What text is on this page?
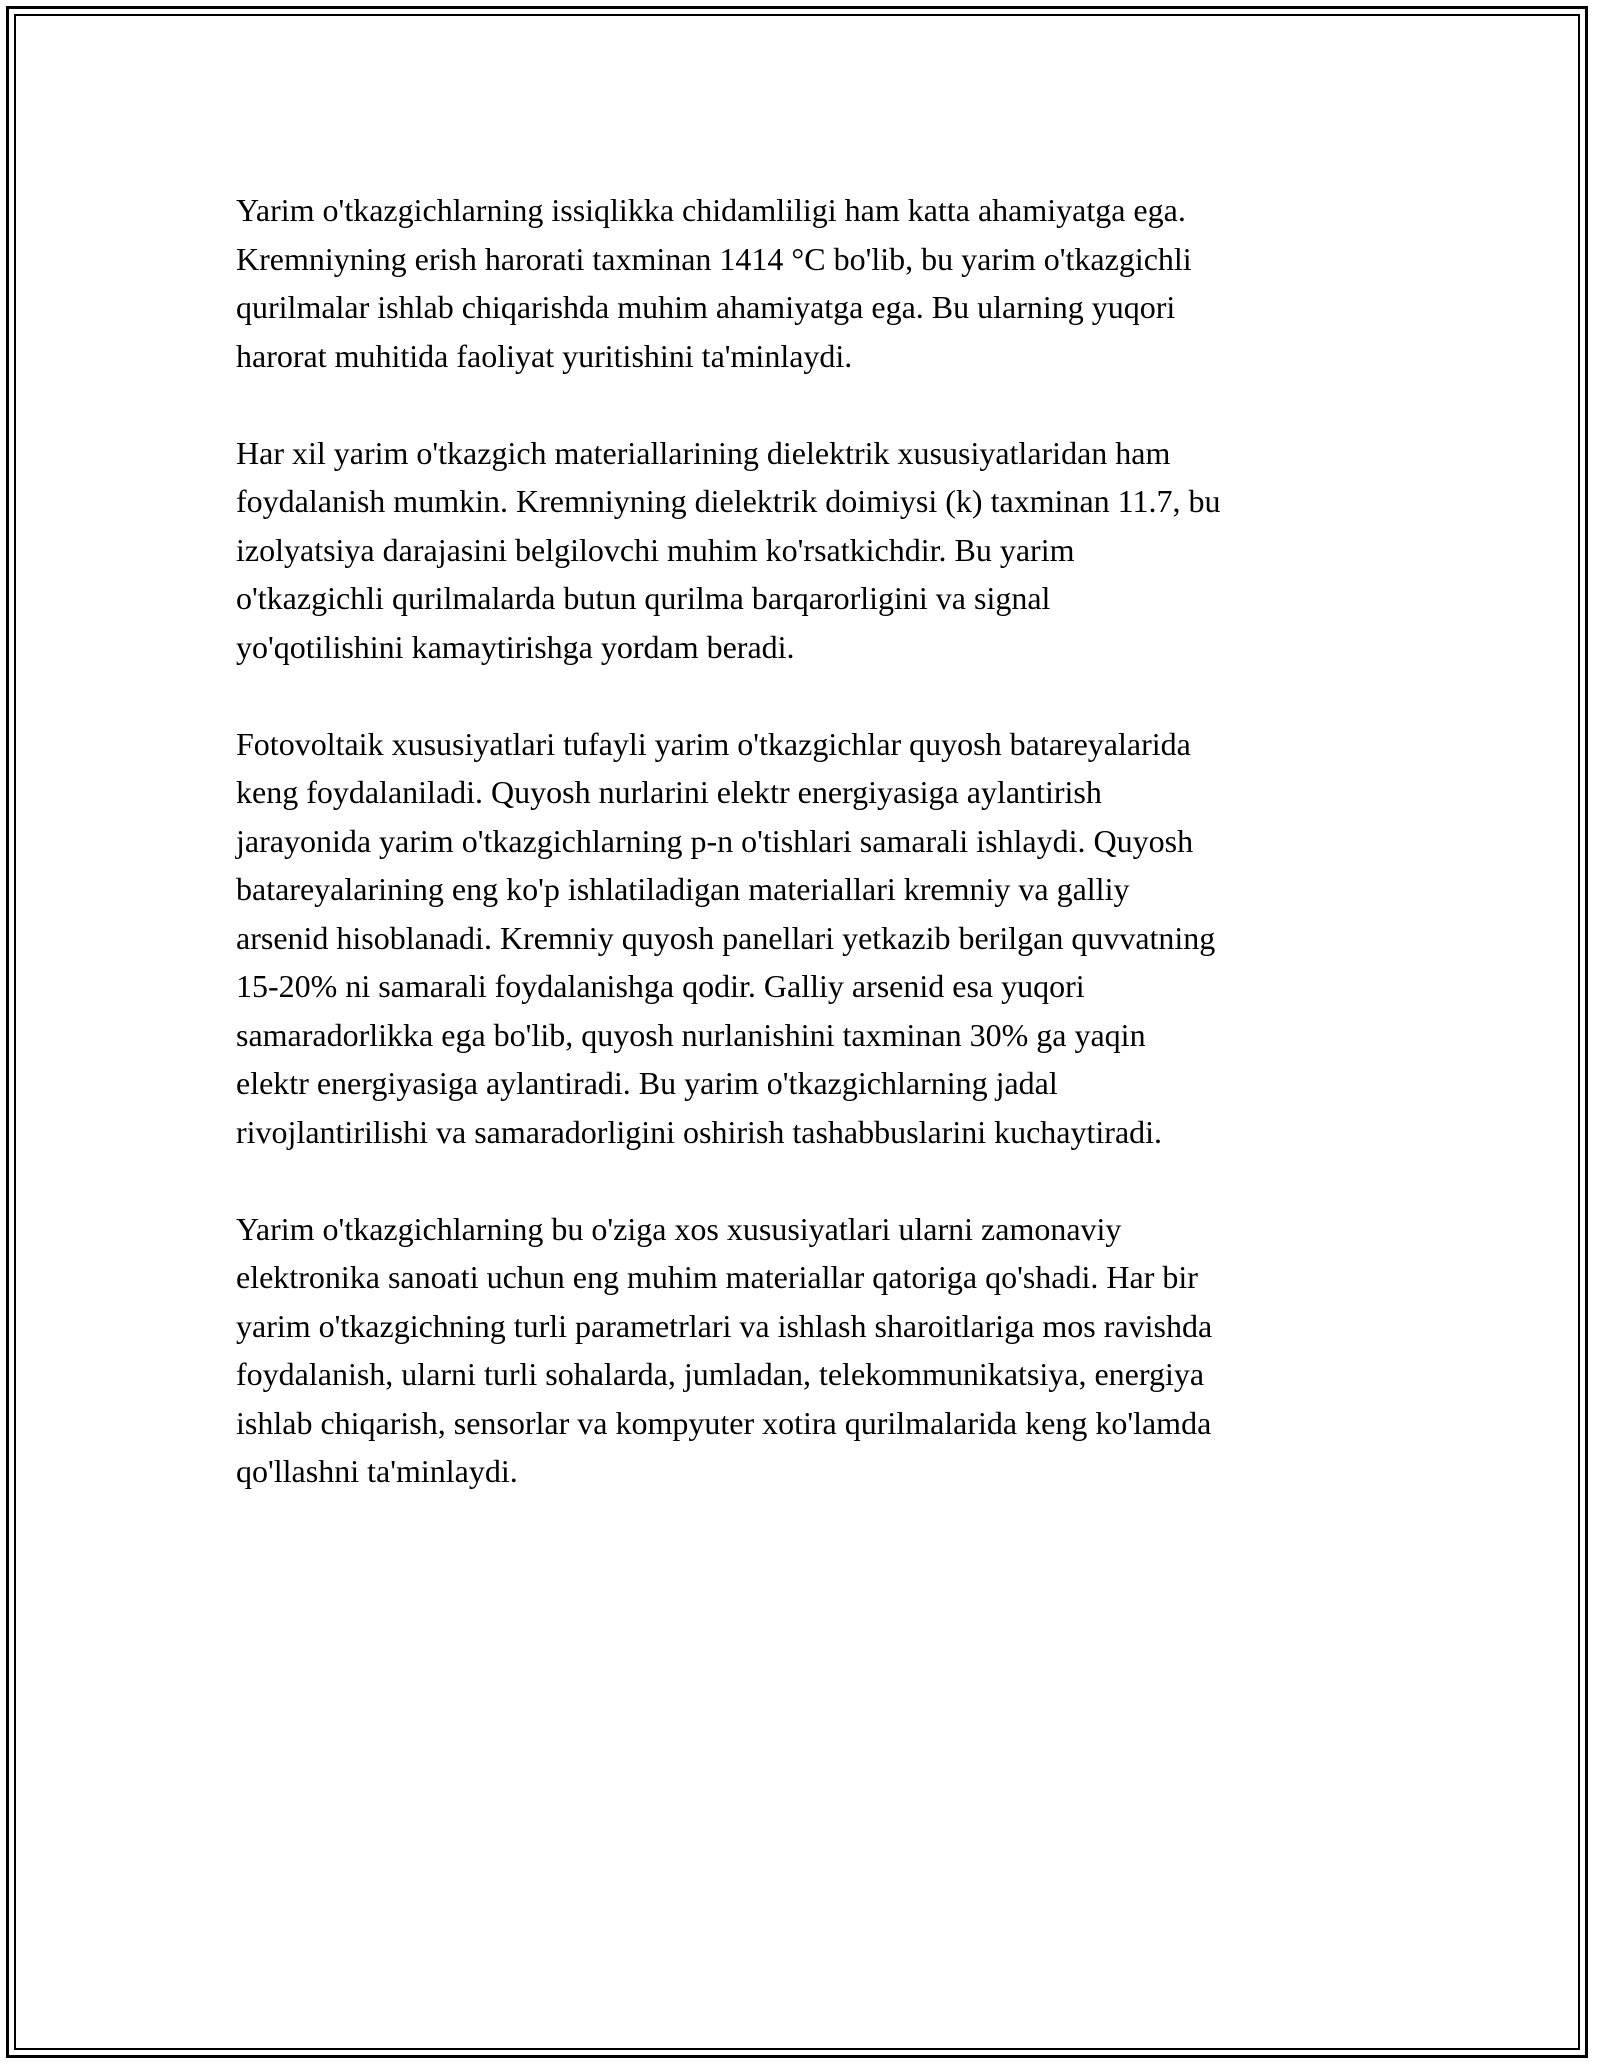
Yarim o'tkazgichlarning issiqlikka chidamliligi ham katta ahamiyatga ega.
Kremniyning erish harorati taxminan 1414 °C bo'lib, bu yarim o'tkazgichli
qurilmalar ishlab chiqarishda muhim ahamiyatga ega. Bu ularning yuqori
harorat muhitida faoliyat yuritishini ta'minlaydi.
Har xil yarim o'tkazgich materiallarining dielektrik xususiyatlaridan ham
foydalanish mumkin. Kremniyning dielektrik doimiysi (k) taxminan 11.7, bu
izolyatsiya darajasini belgilovchi muhim ko'rsatkichdir. Bu yarim
o'tkazgichli qurilmalarda butun qurilma barqarorligini va signal
yo'qotilishini kamaytirishga yordam beradi.
Fotovoltaik xususiyatlari tufayli yarim o'tkazgichlar quyosh batareyalarida
keng foydalaniladi. Quyosh nurlarini elektr energiyasiga aylantirish
jarayonida yarim o'tkazgichlarning p-n o'tishlari samarali ishlaydi. Quyosh
batareyalarining eng ko'p ishlatiladigan materiallari kremniy va galliy
arsenid hisoblanadi. Kremniy quyosh panellari yetkazib berilgan quvvatning
15-20% ni samarali foydalanishga qodir. Galliy arsenid esa yuqori
samaradorlikka ega bo'lib, quyosh nurlanishini taxminan 30% ga yaqin
elektr energiyasiga aylantiradi. Bu yarim o'tkazgichlarning jadal
rivojlantirilishi va samaradorligini oshirish tashabbuslarini kuchaytiradi.
Yarim o'tkazgichlarning bu o'ziga xos xususiyatlari ularni zamonaviy
elektronika sanoati uchun eng muhim materiallar qatoriga qo'shadi. Har bir
yarim o'tkazgichning turli parametrlari va ishlash sharoitlariga mos ravishda
foydalanish, ularni turli sohalarda, jumladan, telekommunikatsiya, energiya
ishlab chiqarish, sensorlar va kompyuter xotira qurilmalarida keng ko'lamda
qo'llashni ta'minlaydi.
